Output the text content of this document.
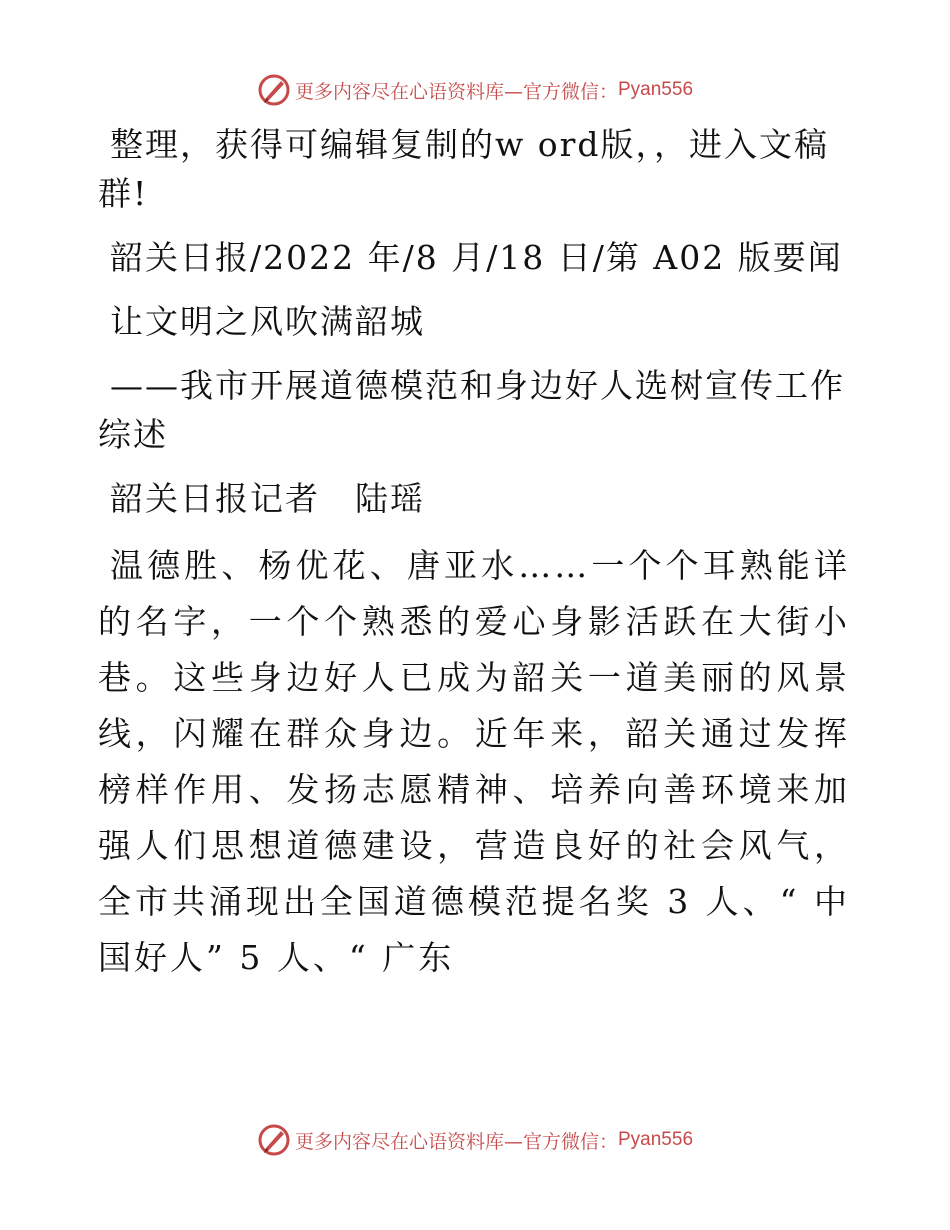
更多内容尽在心语资料库—官方微信： Pyan556

整理，获得可编辑复制的w ord版，，进入文稿群!

韶关日报/2022 年/8 月/18 日/第 A02 版要闻

让文明之风吹满韶城

——我市开展道德模范和身边好人选树宣传工作综述

韶关日报记者　陆瑶

温德胜、杨优花、唐亚水……一个个耳熟能详的名字，一个个熟悉的爱心身影活跃在大街小巷。这些身边好人已成为韶关一道美丽的风景线，闪耀在群众身边。近年来，韶关通过发挥榜样作用、发扬志愿精神、培养向善环境来加强人们思想道德建设，营造良好的社会风气，全市共涌现出全国道德模范提名奖 3 人、“ 中国好人” 5 人、“ 广东

更多内容尽在心语资料库—官方微信： Pyan556
